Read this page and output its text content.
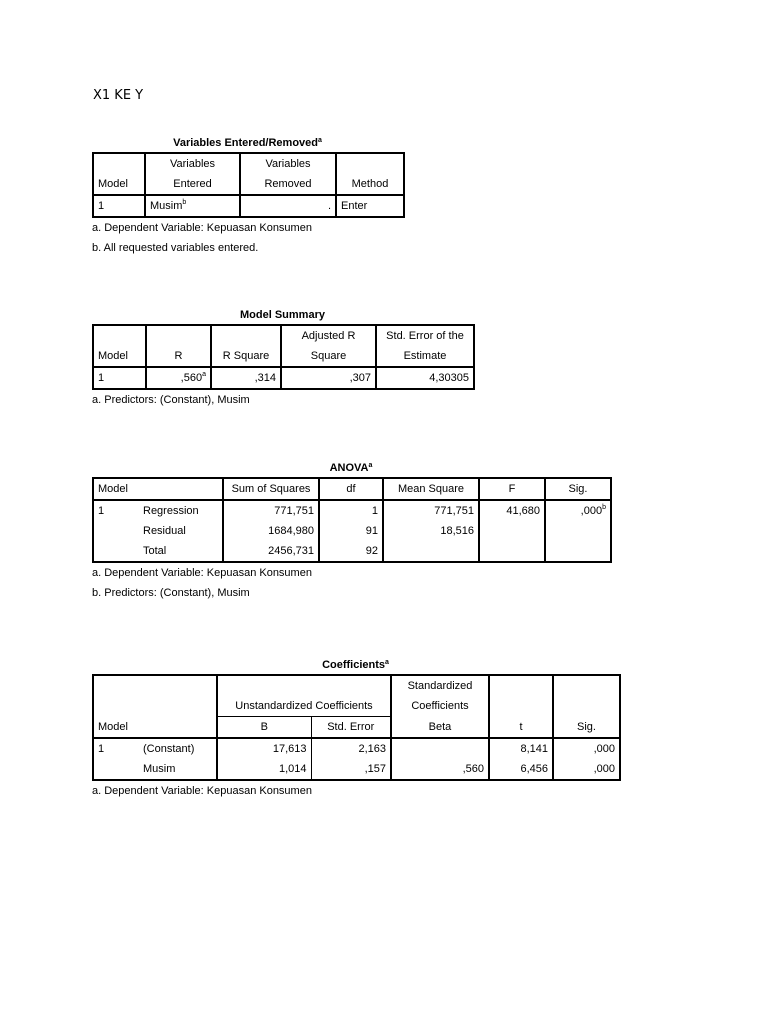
X1 KE Y
Variables Entered/Removed$^a$
	Variables	Variables	
Model	Entered	Removed	Method
1	Musim$^b$	.	Enter
a. Dependent Variable: Kepuasan Konsumen
b. All requested variables entered.
Model Summary
			Adjusted R	Std. Error of the
Model	R	R Square	Square	Estimate
1	,560$^a$	,314	,307	4,30305
a. Predictors: (Constant), Musim
ANOVA$^a$
Model		Sum of Squares	df	Mean Square	F	Sig.
1	Regression	771,751	1	771,751	41,680	,000$^b$
	Residual	1684,980	91	18,516		
	Total	2456,731	92			
a. Dependent Variable: Kepuasan Konsumen
b. Predictors: (Constant), Musim
Coefficients$^a$
				Standardized		
		Unstandardized Coefficients		Coefficients		
Model		B	Std. Error	Beta	t	Sig.
1	(Constant)	17,613	2,163		8,141	,000
	Musim	1,014	,157	,560	6,456	,000
a. Dependent Variable: Kepuasan Konsumen
